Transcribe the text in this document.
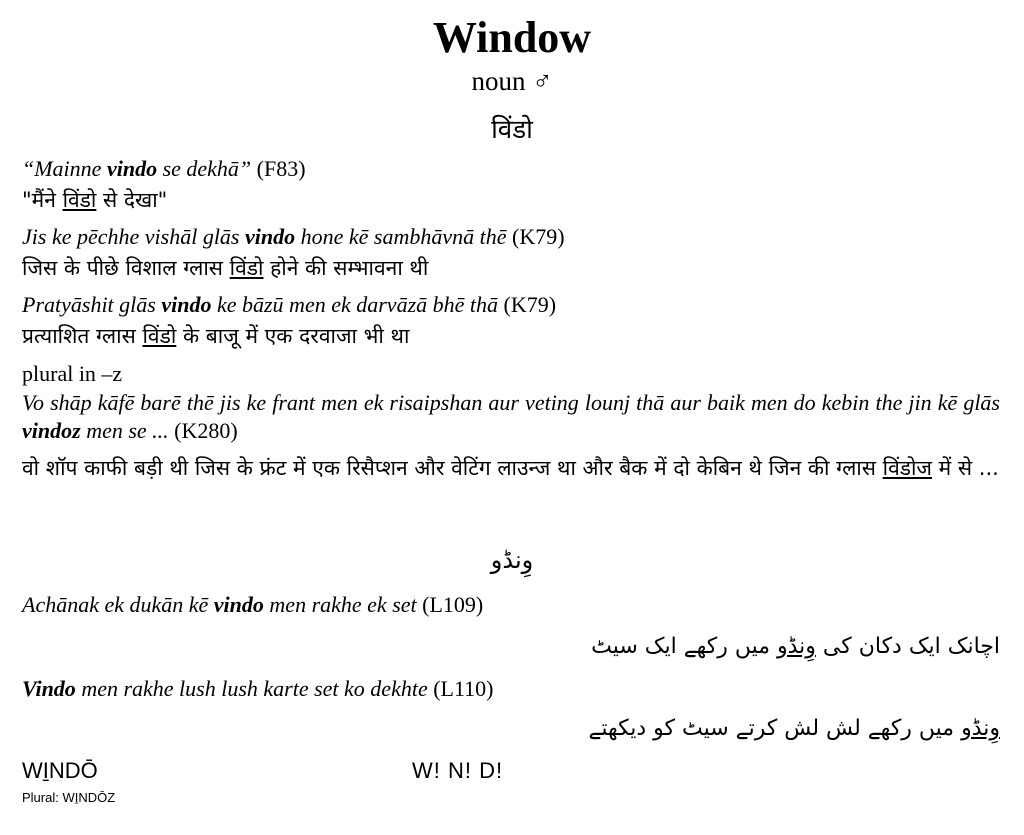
Window
noun ♂
विंडो
“Mainne vindo se dekhā” (F83)
"मैंने विंडो से देखा"
Jis ke pēchhe vishāl glās vindo hone kē sambhāvnā thē (K79)
जिस के पीछे विशाल ग्लास विंडो होने की सम्भावना थी
Pratyāshit glās vindo ke bāzū men ek darvāzā bhē thā (K79)
प्रत्याशित ग्लास विंडो के बाजू में एक दरवाजा भी था
plural in –z
Vo shāp kāfē barē thē jis ke frant men ek risaipshan aur veting lounj thā aur baik men do kebin the jin kē glās vindoz men se ... (K280)
वो शॉप काफी बड़ी थी जिस के फ्रंट में एक रिसैप्शन और वेटिंग लाउन्ज था और बैक में दो केबिन थे जिन की ग्लास विंडोज में से ...
وِنڈو
Achānak ek dukān kē vindo men rakhe ek set (L109)
اچانک ایک دکان کی وِنڈو میں رکھے ایک سیٹ
Vindo men rakhe lush lush karte set ko dekhte (L110)
وِنڈو میں رکھے لش لش کرتے سیٹ کو دیکھتے
WI̱NDŌ
Plural: WI̱NDŌZ
W! N! D!
